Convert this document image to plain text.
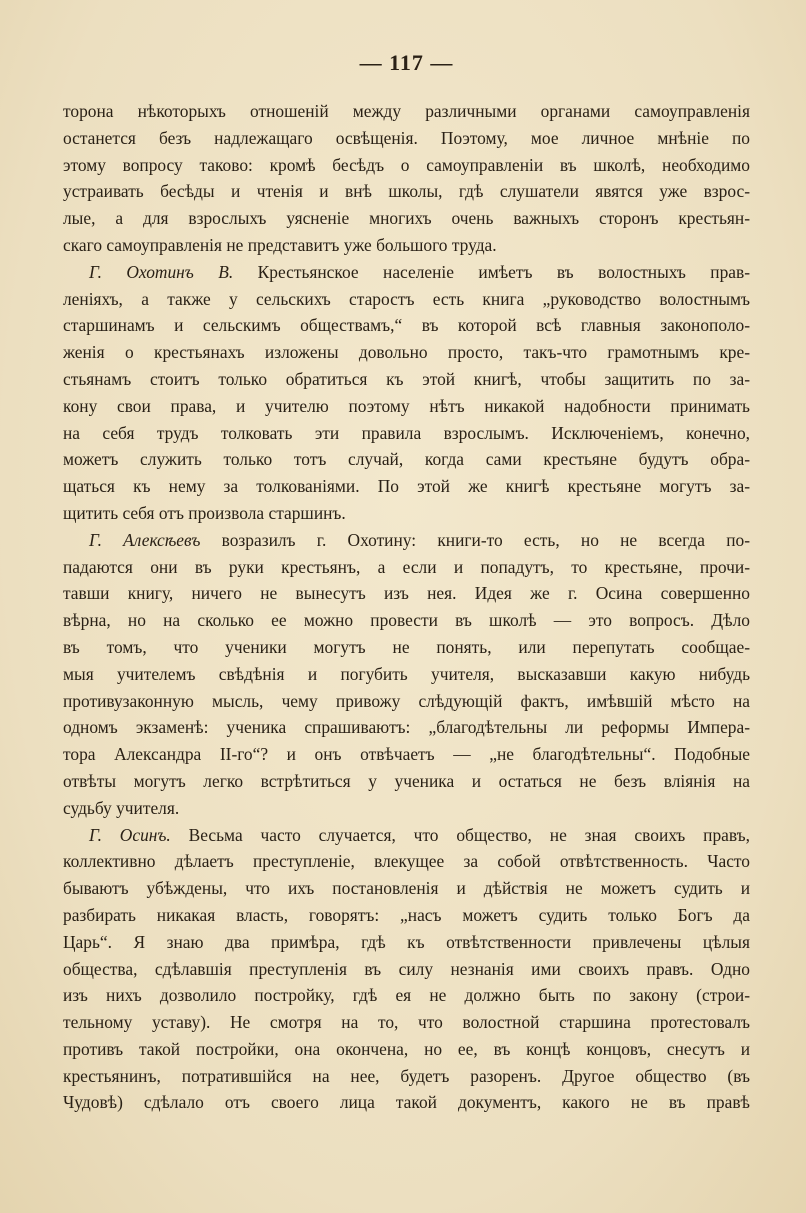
— 117 —
торона нѣкоторыхъ отношеній между различными органами самоуправленія
останется безъ надлежащаго освѣщенія. Поэтому, мое личное мнѣніе по
этому вопросу таково: кромѣ бесѣдъ о самоуправленіи въ школѣ, необходимо
устраивать бесѣды и чтенія и внѣ школы, гдѣ слушатели явятся уже взрос-
лые, а для взрослыхъ уясненіе многихъ очень важныхъ сторонъ крестьян-
скаго самоуправленія не представитъ уже большого труда.
Г. Охотинъ В. Крестьянское населеніе имѣетъ въ волостныхъ прав-
леніяхъ, а также у сельскихъ старостъ есть книга „руководство волостнымъ
старшинамъ и сельскимъ обществамъ,“ въ которой всѣ главныя законополо-
женія о крестьянахъ изложены довольно просто, такъ-что грамотнымъ кре-
стьянамъ стоитъ только обратиться къ этой книгѣ, чтобы защитить по за-
кону свои права, и учителю поэтому нѣтъ никакой надобности принимать
на себя трудъ толковать эти правила взрослымъ. Исключеніемъ, конечно,
можетъ служить только тотъ случай, когда сами крестьяне будутъ обра-
щаться къ нему за толкованіями. По этой же книгѣ крестьяне могутъ за-
щитить себя отъ произвола старшинъ.
Г. Алексѣевъ возразилъ г. Охотину: книги-то есть, но не всегда по-
падаются они въ руки крестьянъ, а если и попадутъ, то крестьяне, прочи-
тавши книгу, ничего не вынесутъ изъ нея. Идея же г. Осина совершенно
вѣрна, но на сколько ее можно провести въ школѣ — это вопросъ. Дѣло
въ томъ, что ученики могутъ не понять, или перепутать сообщае-
мыя учителемъ свѣдѣнія и погубить учителя, высказавши какую нибудь
противузаконную мысль, чему привожу слѣдующій фактъ, имѣвшій мѣсто на
одномъ экзаменѣ: ученика спрашиваютъ: „благодѣтельны ли реформы Импера-
тора Александра II-го“? и онъ отвѣчаетъ — „не благодѣтельны“. Подобные
отвѣты могутъ легко встрѣтиться у ученика и остаться не безъ вліянія на
судьбу учителя.
Г. Осинъ. Весьма часто случается, что общество, не зная своихъ правъ,
коллективно дѣлаетъ преступленіе, влекущее за собой отвѣтственность. Часто
бываютъ убѣждены, что ихъ постановленія и дѣйствія не можетъ судить и
разбирать никакая власть, говорятъ: „насъ можетъ судить только Богъ да
Царь“. Я знаю два примѣра, гдѣ къ отвѣтственности привлечены цѣлыя
общества, сдѣлавшія преступленія въ силу незнанія ими своихъ правъ. Одно
изъ нихъ дозволило постройку, гдѣ ея не должно быть по закону (строи-
тельному уставу). Не смотря на то, что волостной старшина протестовалъ
противъ такой постройки, она окончена, но ее, въ концѣ концовъ, снесутъ и
крестьянинъ, потратившійся на нее, будетъ разоренъ. Другое общество (въ
Чудовѣ) сдѣлало отъ своего лица такой документъ, какого не въ правѣ
